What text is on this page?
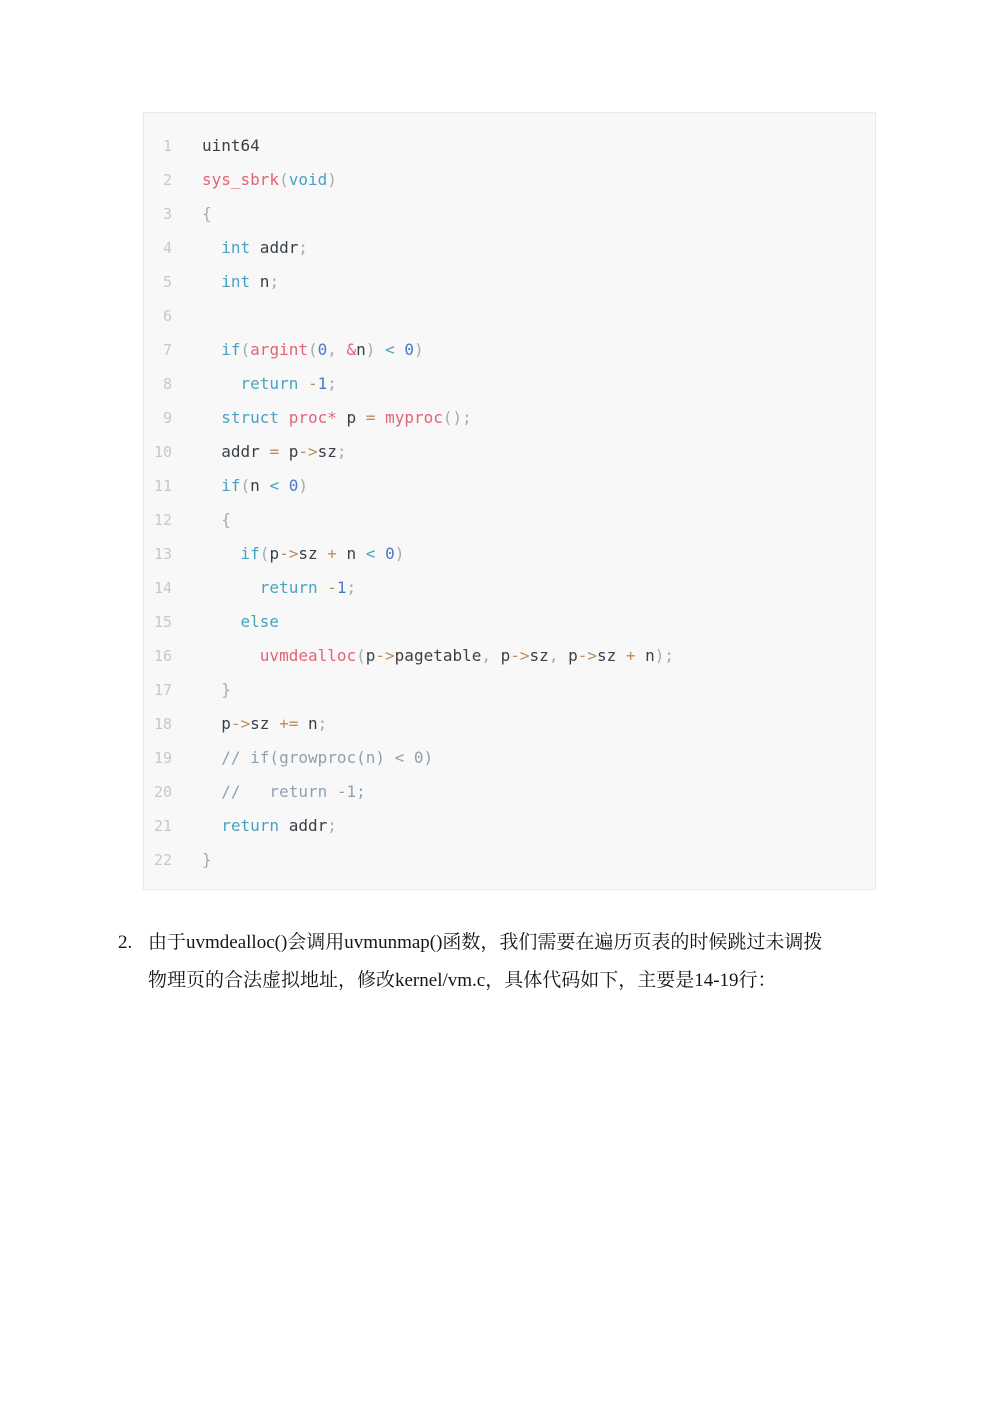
1 uint64
2 sys_sbrk(void)
3 {
4	int addr;
5	int n;
6
7	if(argint(0, &n) < 0)
8	return -1;
9	struct proc* p = myproc();
10 addr = p->sz;
11	if(n < 0)
12	{
13	if(p->sz + n < 0)
14	return -1;
15	else
16	uvmdealloc(p->pagetable, p->sz, p->sz + n);
17	}
18 p->sz += n;
19	// if(growproc(n) < 0)
20	//   return -1;
21	return addr;
22 }
2. 由于uvmdealloc()会调用uvmunmap()函数，我们需要在遍历页表的时候跳过未调拨
物理页的合法虚拟地址，修改kernel/vm.c，具体代码如下，主要是14-19行：
